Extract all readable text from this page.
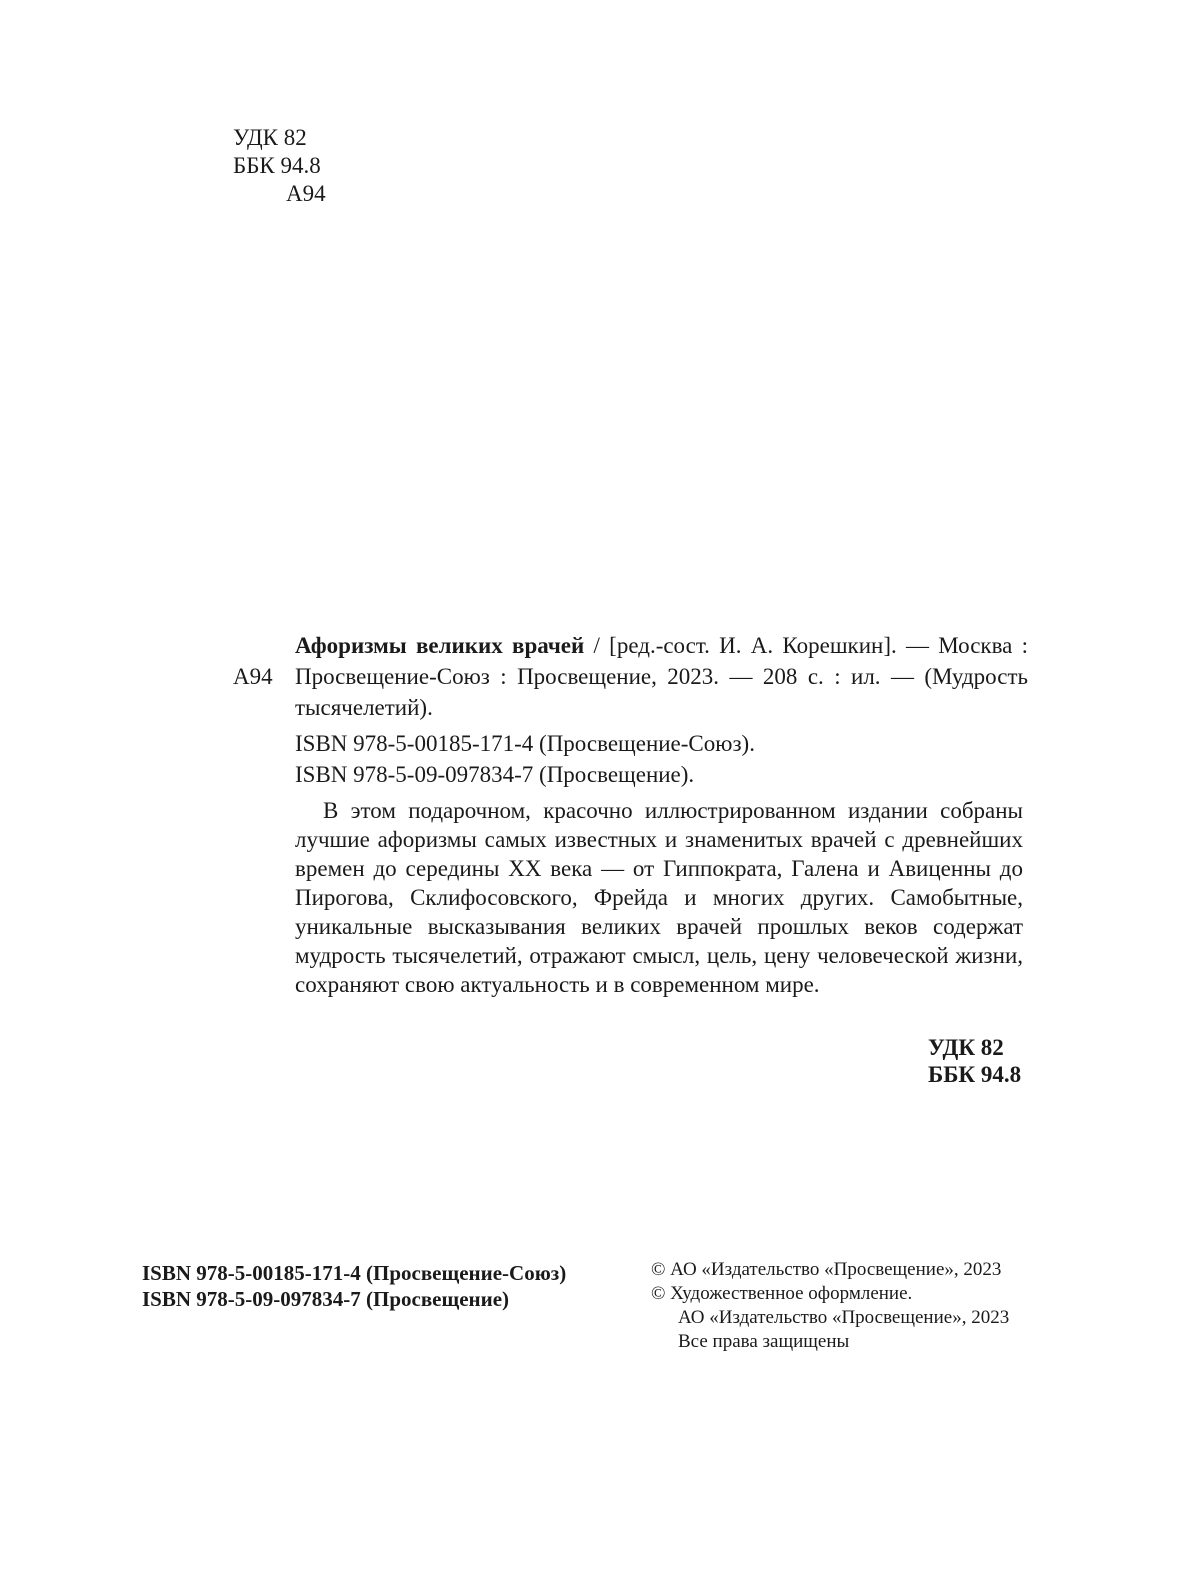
УДК 82
ББК 94.8
А94
А94

Афоризмы великих врачей / [ред.-сост. И. А. Корешкин]. — Москва : Просвещение-Союз : Просвещение, 2023. — 208 с. : ил. — (Мудрость тысячелетий).

ISBN 978-5-00185-171-4 (Просвещение-Союз).
ISBN 978-5-09-097834-7 (Просвещение).

В этом подарочном, красочно иллюстрированном издании собраны лучшие афоризмы самых известных и знаменитых врачей с древнейших времен до середины XX века — от Гиппократа, Галена и Авиценны до Пирогова, Склифосовского, Фрейда и многих других. Самобытные, уникальные высказывания великих врачей прошлых веков содержат мудрость тысячелетий, отражают смысл, цель, цену человеческой жизни, сохраняют свою актуальность и в современном мире.

УДК 82
ББК 94.8
ISBN 978-5-00185-171-4 (Просвещение-Союз)
ISBN 978-5-09-097834-7 (Просвещение)
© АО «Издательство «Просвещение», 2023
© Художественное оформление.
АО «Издательство «Просвещение», 2023
Все права защищены
